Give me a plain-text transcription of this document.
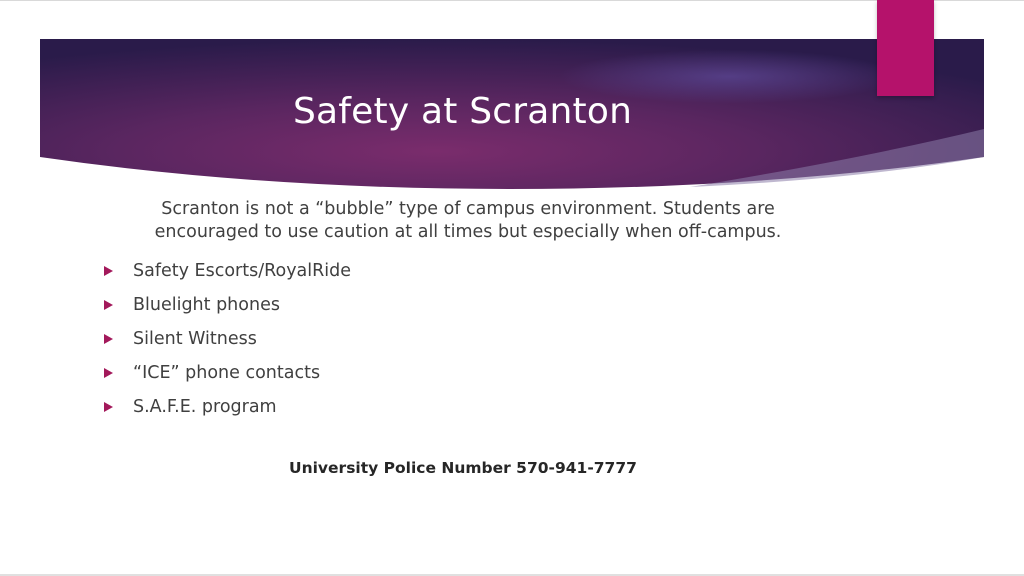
Safety at Scranton

Scranton is not a “bubble” type of campus environment. Students are encouraged to use caution at all times but especially when off-campus.

Safety Escorts/RoyalRide
Bluelight phones
Silent Witness
“ICE” phone contacts
S.A.F.E. program

University Police Number 570-941-7777
